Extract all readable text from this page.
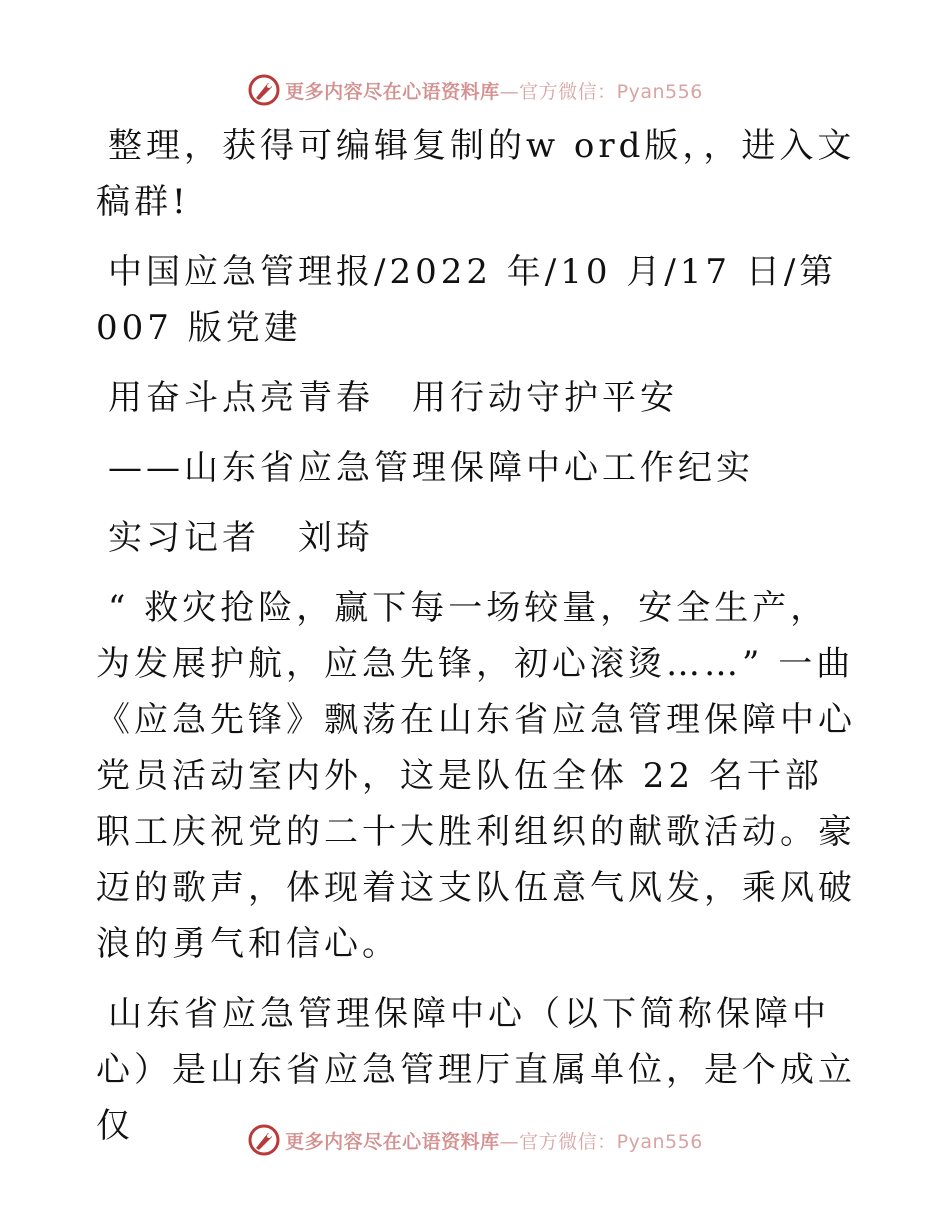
更多内容尽在心语资料库—官方微信：Pyan556

整理，获得可编辑复制的w ord版，，进入文稿群!

中国应急管理报/2022 年/10 月/17 日/第 007 版党建

用奋斗点亮青春　用行动守护平安

——山东省应急管理保障中心工作纪实

实习记者　刘琦

“ 救灾抢险，赢下每一场较量，安全生产，为发展护航，应急先锋，初心滚烫……” 一曲《应急先锋》飘荡在山东省应急管理保障中心党员活动室内外，这是队伍全体 22 名干部职工庆祝党的二十大胜利组织的献歌活动。豪迈的歌声，体现着这支队伍意气风发，乘风破浪的勇气和信心。

山东省应急管理保障中心（以下简称保障中心）是山东省应急管理厅直属单位，是个成立仅	更多内容尽在心语资料库—官方微信：Pyan556
